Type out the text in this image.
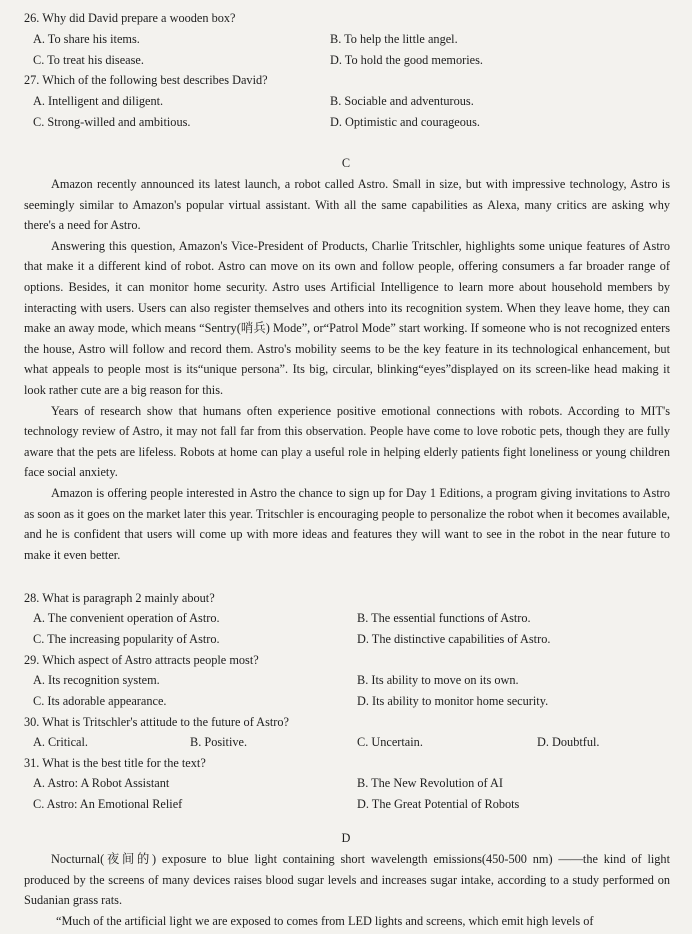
26. Why did David prepare a wooden box?
A. To share his items.	B. To help the little angel.
C. To treat his disease.	D. To hold the good memories.
27. Which of the following best describes David?
A. Intelligent and diligent.	B. Sociable and adventurous.
C. Strong-willed and ambitious.	D. Optimistic and courageous.
C

Amazon recently announced its latest launch, a robot called Astro. Small in size, but with impressive technology, Astro is seemingly similar to Amazon's popular virtual assistant. With all the same capabilities as Alexa, many critics are asking why there's a need for Astro.

Answering this question, Amazon's Vice-President of Products, Charlie Tritschler, highlights some unique features of Astro that make it a different kind of robot. Astro can move on its own and follow people, offering consumers a far broader range of options. Besides, it can monitor home security. Astro uses Artificial Intelligence to learn more about household members by interacting with users. Users can also register themselves and others into its recognition system. When they leave home, they can make an away mode, which means “Sentry(哨兵) Mode”, or“Patrol Mode” start working. If someone who is not recognized enters the house, Astro will follow and record them. Astro's mobility seems to be the key feature in its technological enhancement, but what appeals to people most is its“unique persona”. Its big, circular, blinking“eyes”displayed on its screen-like head making it look rather cute are a big reason for this.

Years of research show that humans often experience positive emotional connections with robots. According to MIT's technology review of Astro, it may not fall far from this observation. People have come to love robotic pets, though they are fully aware that the pets are lifeless. Robots at home can play a useful role in helping elderly patients fight loneliness or young children face social anxiety.

Amazon is offering people interested in Astro the chance to sign up for Day 1 Editions, a program giving invitations to Astro as soon as it goes on the market later this year. Tritschler is encouraging people to personalize the robot when it becomes available, and he is confident that users will come up with more ideas and features they will want to see in the robot in the near future to make it even better.

28. What is paragraph 2 mainly about?
A. The convenient operation of Astro.	B. The essential functions of Astro.
C. The increasing popularity of Astro.	D. The distinctive capabilities of Astro.
29. Which aspect of Astro attracts people most?
A. Its recognition system.	B. Its ability to move on its own.
C. Its adorable appearance.	D. Its ability to monitor home security.
30. What is Tritschler's attitude to the future of Astro?
A. Critical.	B. Positive.	C. Uncertain.	D. Doubtful.
31. What is the best title for the text?
A. Astro: A Robot Assistant	B. The New Revolution of AI
C. Astro: An Emotional Relief	D. The Great Potential of Robots
D

Nocturnal(夜间的) exposure to blue light containing short wavelength emissions(450-500 nm) ——the kind of light produced by the screens of many devices raises blood sugar levels and increases sugar intake, according to a study performed on Sudanian grass rats.

“Much of the artificial light we are exposed to comes from LED lights and screens, which emit high levels of
